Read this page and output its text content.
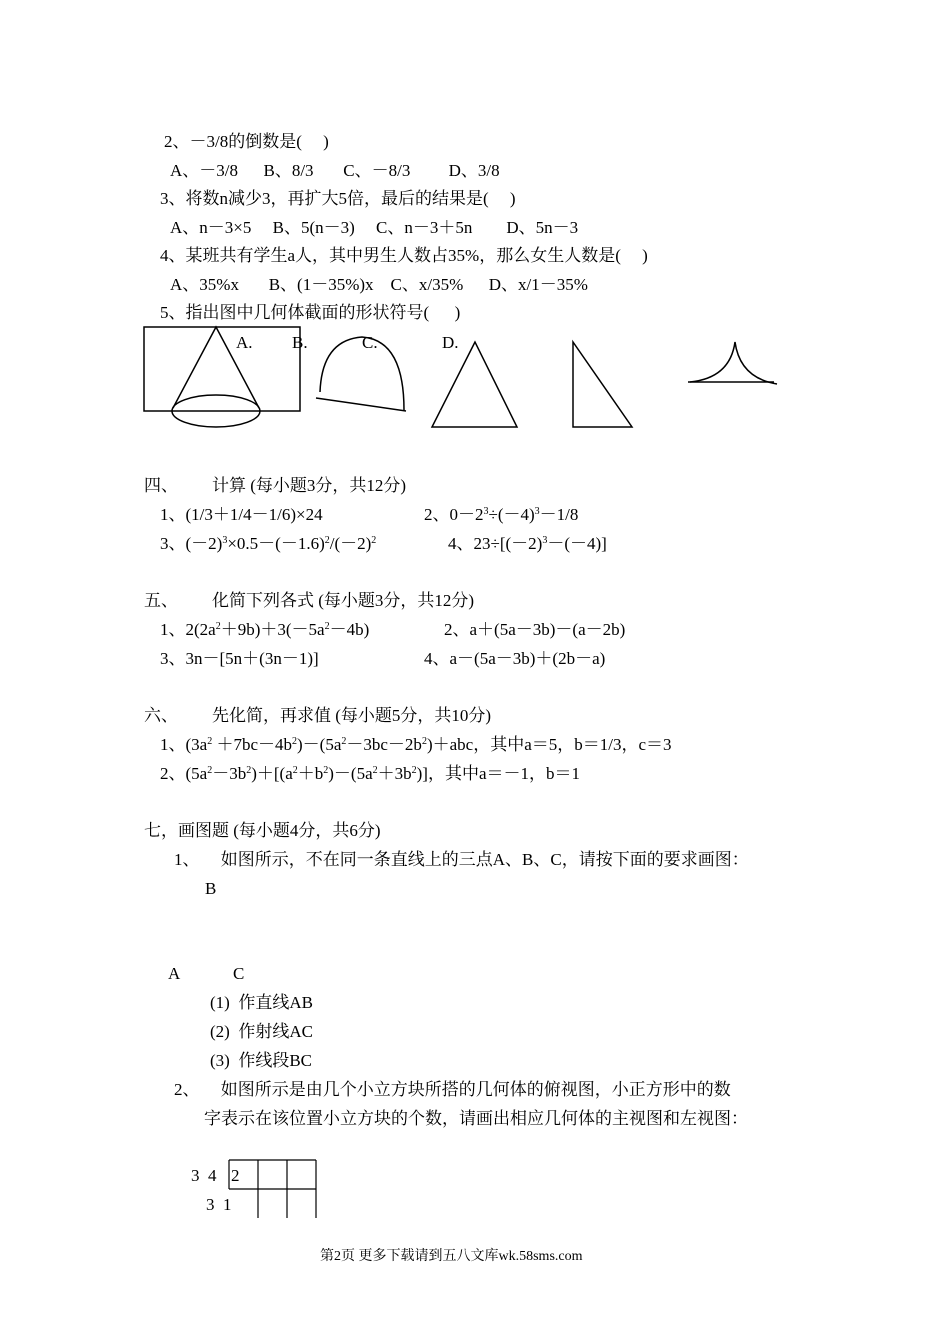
2、－3/8的倒数是(     )
A、－3/8      B、8/3       C、－8/3         D、3/8
3、将数n减少3，再扩大5倍，最后的结果是(     )
A、n－3×5     B、5(n－3)     C、n－3＋5n        D、5n－3
4、某班共有学生a人，其中男生人数占35%，那么女生人数是(     )
A、35%x       B、(1－35%)x    C、x/35%      D、x/1－35%
5、指出图中几何体截面的形状符号(      )
A. B.	C.	D.
四、        计算 (每小题3分，共12分)
1、(1/3＋1/4－1/6)×24	2、$0-2^3\div(-4)^3-1/8$
3、$(-2)^3\times 0.5-(-1.6)^2/(-2)^2$	4、$23\div[(-2)^3-(-4)]$
五、        化简下列各式 (每小题3分，共12分)
1、$2(2a^2+9b)+3(-5a^2-4b)$	2、a＋(5a－3b)－(a－2b)
3、3n－[5n＋(3n－1)]	4、a－(5a－3b)＋(2b－a)
六、        先化简，再求值 (每小题5分，共10分)
1、$(3a^2 +7bc-4b^2)-(5a^2-3bc-2b^2)+abc$，其中a＝5，b＝1/3，c＝3
2、$(5a^2-3b^2)+[(a^2+b^2)-(5a^2+3b^2)]$，其中a＝－1，b＝1
七，画图题 (每小题4分，共6分)
1、     如图所示，不在同一条直线上的三点A、B、C，请按下面的要求画图：
B
A	C
(1)  作直线AB
(2)  作射线AC
(3)  作线段BC
2、     如图所示是由几个小立方块所搭的几何体的俯视图，小正方形中的数
字表示在该位置小立方块的个数，请画出相应几何体的主视图和左视图：
3  4 2
3  1
第2页 更多下载请到五八文库wk.58sms.com
